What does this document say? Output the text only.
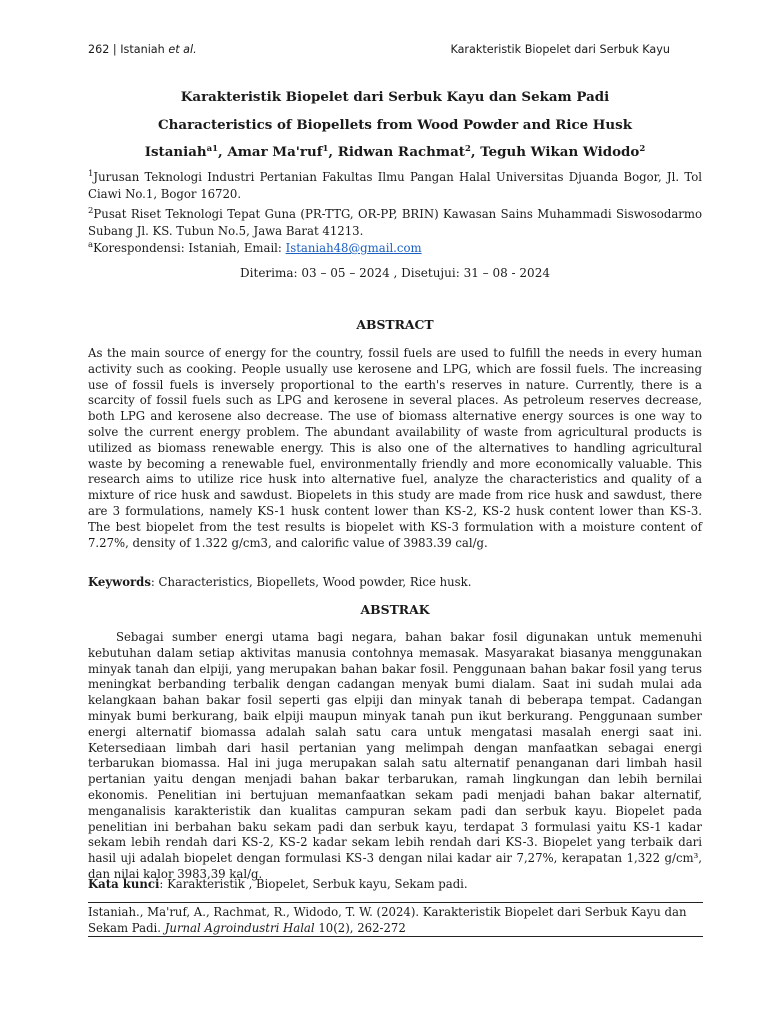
262 | Istaniah et al.	Karakteristik Biopelet dari Serbuk Kayu
Karakteristik Biopelet dari Serbuk Kayu dan Sekam Padi
Characteristics of Biopellets from Wood Powder and Rice Husk
Istaniah$^{a1}$, Amar Ma'ruf$^1$, Ridwan Rachmat$^2$, Teguh Wikan Widodo$^2$
$^1$Jurusan Teknologi Industri Pertanian Fakultas Ilmu Pangan Halal Universitas Djuanda Bogor, Jl. Tol Ciawi No.1, Bogor 16720.
$^2$Pusat Riset Teknologi Tepat Guna (PR-TTG, OR-PP, BRIN) Kawasan Sains Muhammadi Siswosodarmo Subang Jl. KS. Tubun No.5, Jawa Barat 41213.
$^a$Korespondensi: Istaniah, Email: Istaniah48@gmail.com
Diterima: 03 – 05 – 2024 , Disetujui: 31 – 08 - 2024
ABSTRACT

As the main source of energy for the country, fossil fuels are used to fulfill the needs in every human activity such as cooking. People usually use kerosene and LPG, which are fossil fuels. The increasing use of fossil fuels is inversely proportional to the earth's reserves in nature. Currently, there is a scarcity of fossil fuels such as LPG and kerosene in several places. As petroleum reserves decrease, both LPG and kerosene also decrease. The use of biomass alternative energy sources is one way to solve the current energy problem. The abundant availability of waste from agricultural products is utilized as biomass renewable energy. This is also one of the alternatives to handling agricultural waste by becoming a renewable fuel, environmentally friendly and more economically valuable. This research aims to utilize rice husk into alternative fuel, analyze the characteristics and quality of a mixture of rice husk and sawdust. Biopelets in this study are made from rice husk and sawdust, there are 3 formulations, namely KS-1 husk content lower than KS-2, KS-2 husk content lower than KS-3. The best biopelet from the test results is biopelet with KS-3 formulation with a moisture content of 7.27%, density of 1.322 g/cm3, and calorific value of 3983.39 cal/g.

Keywords: Characteristics, Biopellets, Wood powder, Rice husk.
ABSTRAK

Sebagai sumber energi utama bagi negara, bahan bakar fosil digunakan untuk memenuhi kebutuhan dalam setiap aktivitas manusia contohnya memasak. Masyarakat biasanya menggunakan minyak tanah dan elpiji, yang merupakan bahan bakar fosil. Penggunaan bahan bakar fosil yang terus meningkat berbanding terbalik dengan cadangan menyak bumi dialam. Saat ini sudah mulai ada kelangkaan bahan bakar fosil seperti gas elpiji dan minyak tanah di beberapa tempat. Cadangan minyak bumi berkurang, baik elpiji maupun minyak tanah pun ikut berkurang. Penggunaan sumber energi alternatif biomassa adalah salah satu cara untuk mengatasi masalah energi saat ini. Ketersediaan limbah dari hasil pertanian yang melimpah dengan manfaatkan sebagai energi terbarukan biomassa. Hal ini juga merupakan salah satu alternatif penanganan dari limbah hasil pertanian yaitu dengan menjadi bahan bakar terbarukan, ramah lingkungan dan lebih bernilai ekonomis. Penelitian ini bertujuan memanfaatkan sekam padi menjadi bahan bakar alternatif, menganalisis karakteristik dan kualitas campuran sekam padi dan serbuk kayu. Biopelet pada penelitian ini berbahan baku sekam padi dan serbuk kayu, terdapat 3 formulasi yaitu KS-1 kadar sekam lebih rendah dari KS-2, KS-2 kadar sekam lebih rendah dari KS-3. Biopelet yang terbaik dari hasil uji adalah biopelet dengan formulasi KS-3 dengan nilai kadar air 7,27%, kerapatan 1,322 g/cm³, dan nilai kalor 3983,39 kal/g.

Kata kunci: Karakteristik , Biopelet, Serbuk kayu, Sekam padi.
Istaniah., Ma'ruf, A., Rachmat, R., Widodo, T. W. (2024). Karakteristik Biopelet dari Serbuk Kayu dan Sekam Padi. Jurnal Agroindustri Halal 10(2), 262-272
